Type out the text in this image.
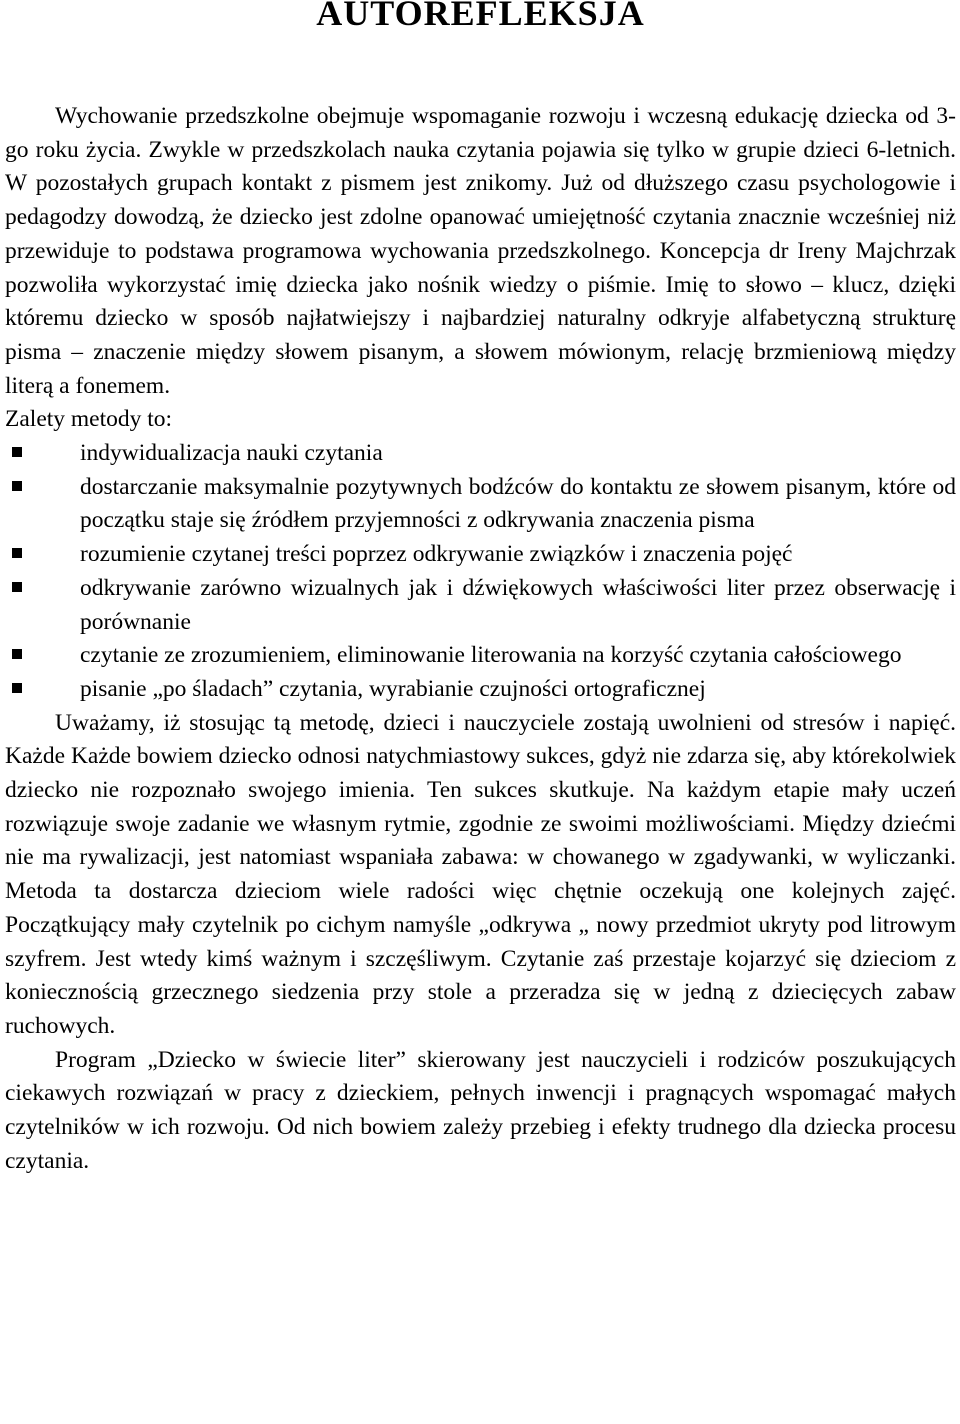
AUTOREFLEKSJA

Wychowanie przedszkolne obejmuje wspomaganie rozwoju i wczesną edukację dziecka od 3-go roku życia. Zwykle w przedszkolach nauka czytania pojawia się tylko w grupie dzieci 6-letnich. W pozostałych grupach kontakt z pismem jest znikomy. Już od dłuższego czasu psychologowie i pedagodzy dowodzą, że dziecko jest zdolne opanować umiejętność czytania znacznie wcześniej niż przewiduje to podstawa programowa wychowania przedszkolnego. Koncepcja dr Ireny Majchrzak pozwoliła wykorzystać imię dziecka jako nośnik wiedzy o piśmie. Imię to słowo – klucz, dzięki któremu dziecko w sposób najłatwiejszy i najbardziej naturalny odkryje alfabetyczną strukturę pisma – znaczenie między słowem pisanym, a słowem mówionym, relację brzmieniową między literą a fonemem.

Zalety metody to:

indywidualizacja nauki czytania
dostarczanie maksymalnie pozytywnych bodźców do kontaktu ze słowem pisanym, które od początku staje się źródłem przyjemności z odkrywania znaczenia pisma
rozumienie czytanej treści poprzez odkrywanie związków i znaczenia pojęć
odkrywanie zarówno wizualnych jak i dźwiękowych właściwości liter przez obserwację i porównanie
czytanie ze zrozumieniem, eliminowanie literowania na korzyść czytania całościowego
pisanie „po śladach” czytania, wyrabianie czujności ortograficznej

Uważamy, iż stosując tą metodę, dzieci i nauczyciele zostają uwolnieni od stresów i napięć. Każde Każde bowiem dziecko odnosi natychmiastowy sukces, gdyż nie zdarza się, aby którekolwiek dziecko nie rozpoznało swojego imienia. Ten sukces skutkuje. Na każdym etapie mały uczeń rozwiązuje swoje zadanie we własnym rytmie, zgodnie ze swoimi możliwościami. Między dziećmi nie ma rywalizacji, jest natomiast wspaniała zabawa: w chowanego w zgadywanki, w wyliczanki. Metoda ta dostarcza dzieciom wiele radości więc chętnie oczekują one kolejnych zajęć. Początkujący mały czytelnik po cichym namyśle „odkrywa „ nowy przedmiot ukryty pod litrowym szyfrem. Jest wtedy kimś ważnym i szczęśliwym. Czytanie zaś przestaje kojarzyć się dzieciom z koniecznością grzecznego siedzenia przy stole a przeradza się w jedną z dziecięcych zabaw ruchowych.

Program „Dziecko w świecie liter” skierowany jest nauczycieli i rodziców poszukujących ciekawych rozwiązań w pracy z dzieckiem, pełnych inwencji i pragnących wspomagać małych czytelników w ich rozwoju. Od nich bowiem zależy przebieg i efekty trudnego dla dziecka procesu czytania.
